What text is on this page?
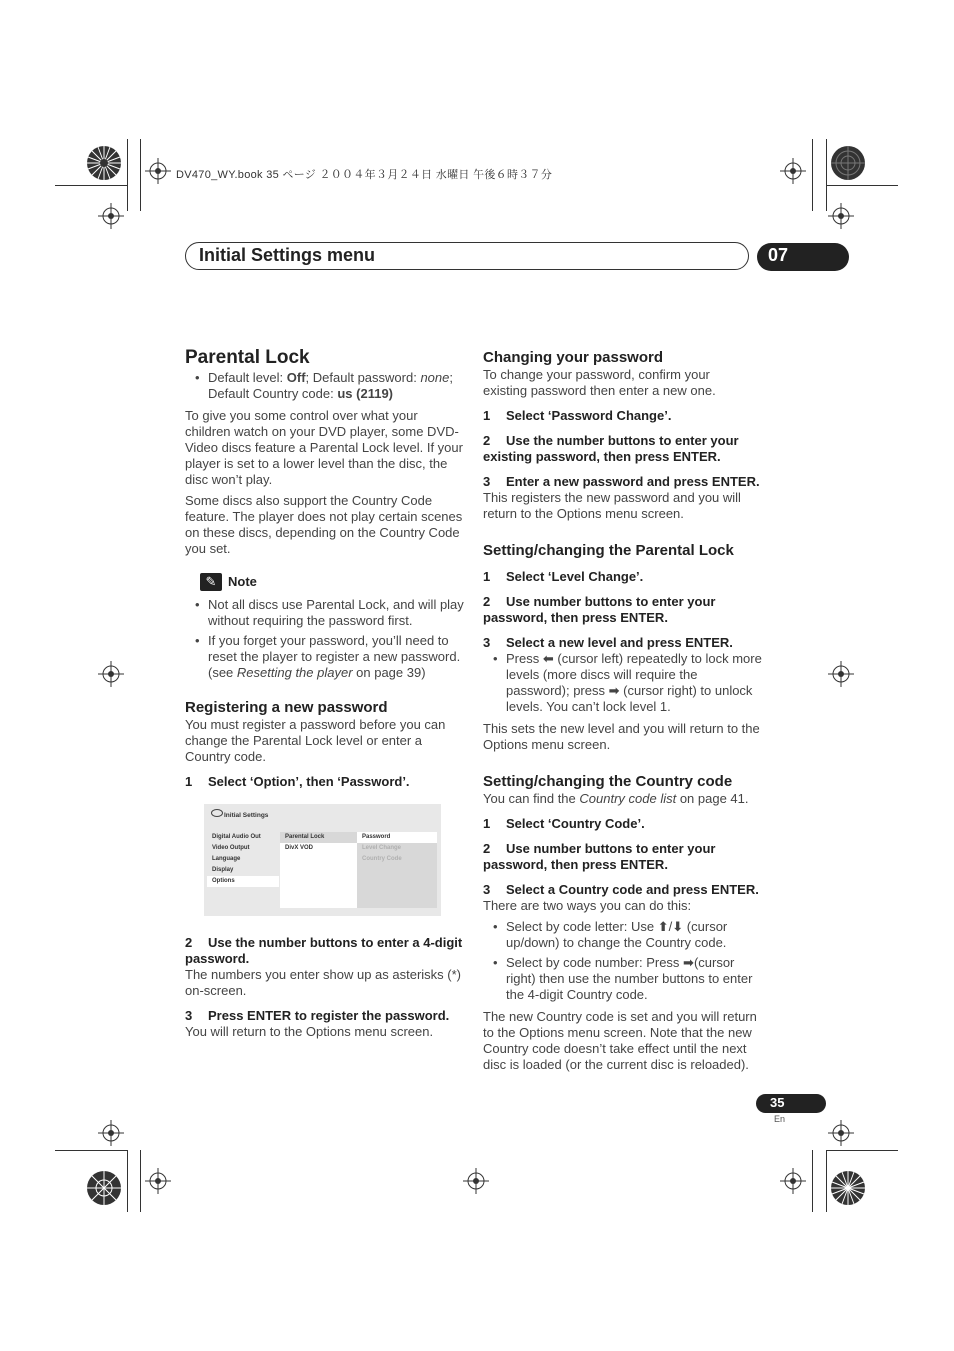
DV470_WY.book 35 ページ ２００４年３月２４日 水曜日 午後６時３７分
Initial Settings menu	07
Parental Lock
• Default level: Off; Default password: none;
Default Country code: us (2119)

To give you some control over what your children watch on your DVD player, some DVD-Video discs feature a Parental Lock level. If your player is set to a lower level than the disc, the disc won’t play.

Some discs also support the Country Code feature. The player does not play certain scenes on these discs, depending on the Country Code you set.

✎ Note
• Not all discs use Parental Lock, and will play without requiring the password first.
• If you forget your password, you’ll need to reset the player to register a new password. (see Resetting the player on page 39)
Registering a new password

You must register a password before you can change the Parental Lock level or enter a Country code.

1 Select ‘Option’, then ‘Password’.
Initial Settings
Digital Audio Out
Video Output
Language
Display
Options
Parental Lock
DivX VOD
Password
Level Change
Country Code
2 Use the number buttons to enter a 4-digit password.

The numbers you enter show up as asterisks (*) on-screen.

3 Press ENTER to register the password.

You will return to the Options menu screen.

Changing your password

To change your password, confirm your existing password then enter a new one.

1 Select ‘Password Change’.
2 Use the number buttons to enter your existing password, then press ENTER.
3 Enter a new password and press ENTER.

This registers the new password and you will return to the Options menu screen.

Setting/changing the Parental Lock
1 Select ‘Level Change’.
2 Use number buttons to enter your password, then press ENTER.
3 Select a new level and press ENTER.
• Press ⬅ (cursor left) repeatedly to lock more levels (more discs will require the password); press ➡ (cursor right) to unlock levels. You can’t lock level 1.

This sets the new level and you will return to the Options menu screen.

Setting/changing the Country code

You can find the Country code list on page 41.

1 Select ‘Country Code’.
2 Use number buttons to enter your password, then press ENTER.
3 Select a Country code and press ENTER.

There are two ways you can do this:

• Select by code letter: Use ⬆/⬇ (cursor up/down) to change the Country code.
• Select by code number: Press ➡(cursor right) then use the number buttons to enter the 4-digit Country code.

The new Country code is set and you will return to the Options menu screen. Note that the new Country code doesn’t take effect until the next disc is loaded (or the current disc is reloaded).

35
En
